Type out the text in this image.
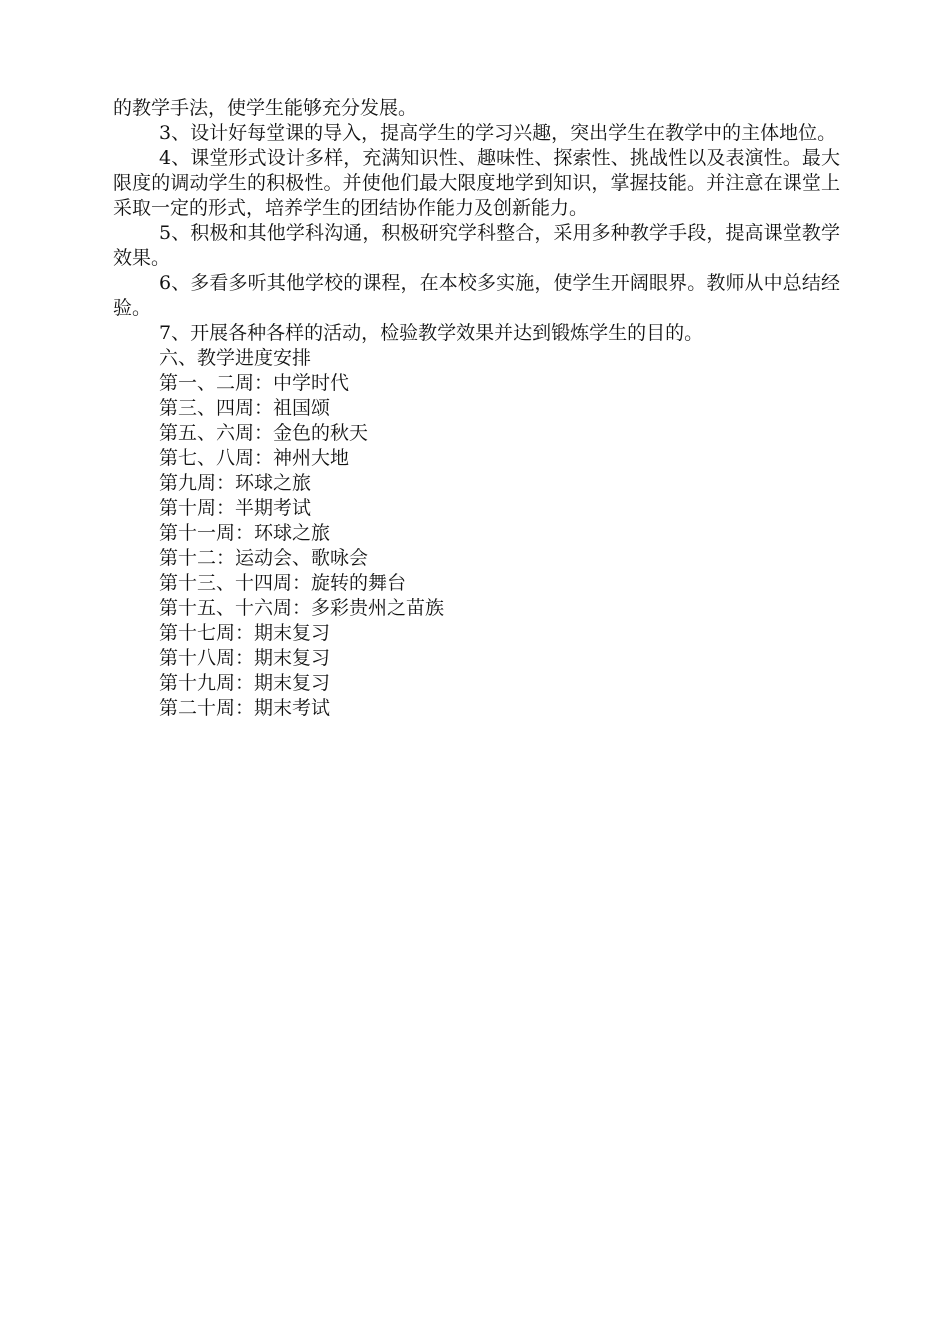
的教学手法，使学生能够充分发展。

3、设计好每堂课的导入，提高学生的学习兴趣，突出学生在教学中的主体地位。

4、课堂形式设计多样，充满知识性、趣味性、探索性、挑战性以及表演性。最大限度的调动学生的积极性。并使他们最大限度地学到知识，掌握技能。并注意在课堂上采取一定的形式，培养学生的团结协作能力及创新能力。

5、积极和其他学科沟通，积极研究学科整合，采用多种教学手段，提高课堂教学效果。

6、多看多听其他学校的课程，在本校多实施，使学生开阔眼界。教师从中总结经验。

7、开展各种各样的活动，检验教学效果并达到锻炼学生的目的。

六、教学进度安排

第一、二周：中学时代

第三、四周：祖国颂

第五、六周：金色的秋天

第七、八周：神州大地

第九周：环球之旅

第十周：半期考试

第十一周：环球之旅

第十二：运动会、歌咏会

第十三、十四周：旋转的舞台

第十五、十六周：多彩贵州之苗族

第十七周：期末复习

第十八周：期末复习

第十九周：期末复习

第二十周：期末考试
